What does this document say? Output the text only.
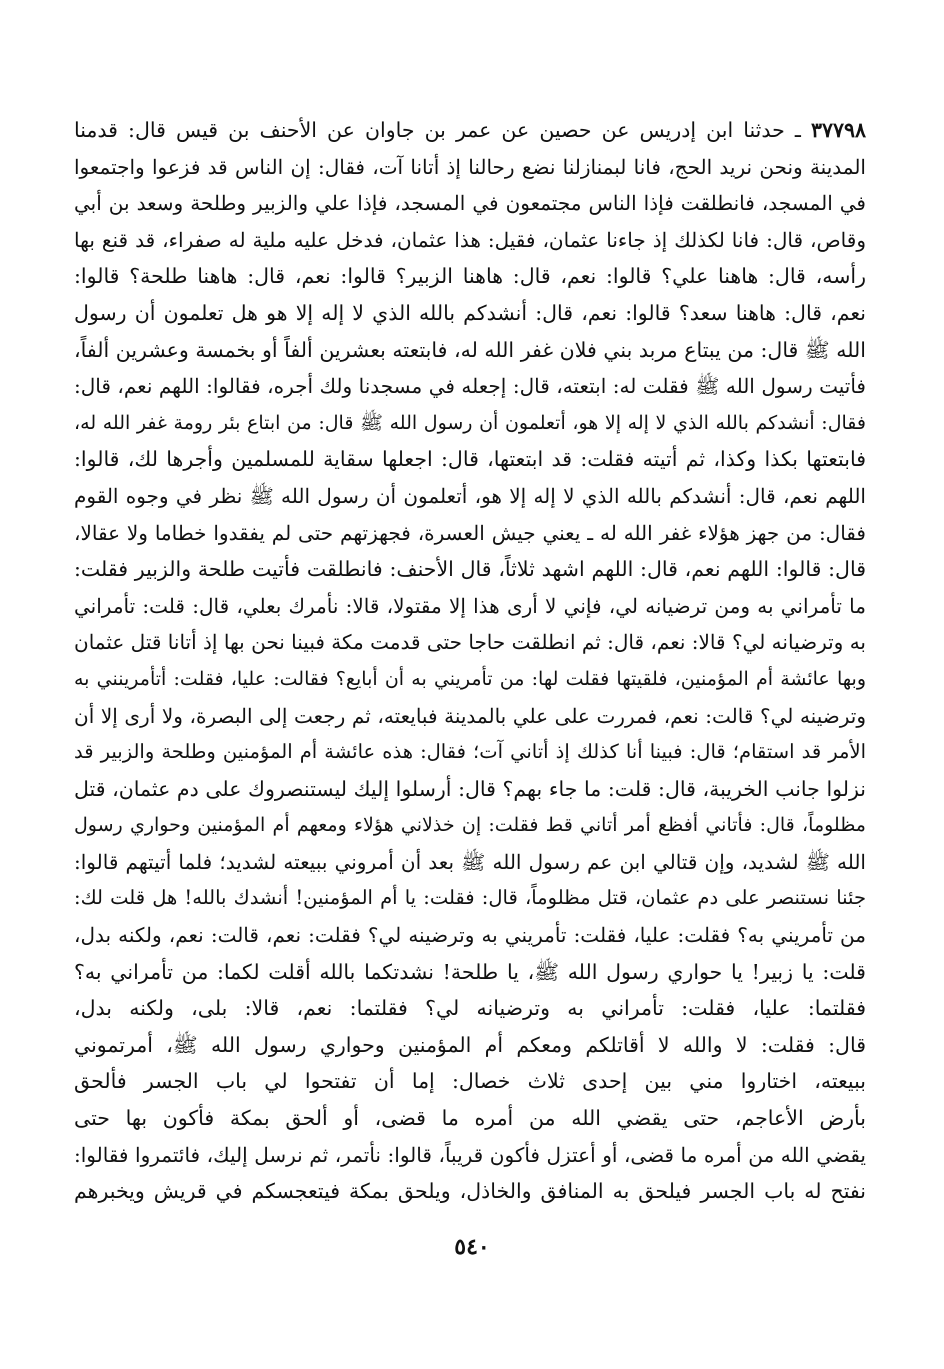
٣٧٧٩٨ ـ حدثنا ابن إدريس عن حصين عن عمر بن جاوان عن الأحنف بن قيس قال: قدمنا
المدينة ونحن نريد الحج، فانا لبمنازلنا نضع رحالنا إذ أتانا آت، فقال: إن الناس قد فزعوا واجتمعوا
في المسجد، فانطلقت فإذا الناس مجتمعون في المسجد، فإذا علي والزبير وطلحة وسعد بن أبي
وقاص، قال: فانا لكذلك إذ جاءنا عثمان، فقيل: هذا عثمان، فدخل عليه ملية له صفراء، قد قنع بها
رأسه، قال: هاهنا علي؟ قالوا: نعم، قال: هاهنا الزبير؟ قالوا: نعم، قال: هاهنا طلحة؟ قالوا:
نعم، قال: هاهنا سعد؟ قالوا: نعم، قال: أنشدكم بالله الذي لا إله إلا هو هل تعلمون أن رسول
الله ﷺ قال: من يبتاع مربد بني فلان غفر الله له، فابتعته بعشرين ألفاً أو بخمسة وعشرين ألفاً،
فأتيت رسول الله ﷺ فقلت له: ابتعته، قال: إجعله في مسجدنا ولك أجره، فقالوا: اللهم نعم، قال:
فقال: أنشدكم بالله الذي لا إله إلا هو، أتعلمون أن رسول الله ﷺ قال: من ابتاع بئر رومة غفر الله له،
فابتعتها بكذا وكذا، ثم أتيته فقلت: قد ابتعتها، قال: اجعلها سقاية للمسلمين وأجرها لك، قالوا:
اللهم نعم، قال: أنشدكم بالله الذي لا إله إلا هو، أتعلمون أن رسول الله ﷺ نظر في وجوه القوم
فقال: من جهز هؤلاء غفر الله له ـ يعني جيش العسرة، فجهزتهم حتى لم يفقدوا خطاما ولا عقالا،
قال: قالوا: اللهم نعم، قال: اللهم اشهد ثلاثاً، قال الأحنف: فانطلقت فأتيت طلحة والزبير فقلت:
ما تأمراني به ومن ترضيانه لي، فإني لا أرى هذا إلا مقتولا، قالا: نأمرك بعلي، قال: قلت: تأمراني
به وترضيانه لي؟ قالا: نعم، قال: ثم انطلقت حاجا حتى قدمت مكة فبينا نحن بها إذ أتانا قتل عثمان
وبها عائشة أم المؤمنين، فلقيتها فقلت لها: من تأمريني به أن أبايع؟ فقالت: عليا، فقلت: أتأمرينني به
وترضينه لي؟ قالت: نعم، فمررت على علي بالمدينة فبايعته، ثم رجعت إلى البصرة، ولا أرى إلا أن
الأمر قد استقام؛ قال: فبينا أنا كذلك إذ أتاني آت؛ فقال: هذه عائشة أم المؤمنين وطلحة والزبير قد
نزلوا جانب الخريبة، قال: قلت: ما جاء بهم؟ قال: أرسلوا إليك ليستنصروك على دم عثمان، قتل
مظلوماً، قال: فأتاني أفظع أمر أتاني قط فقلت: إن خذلاني هؤلاء ومعهم أم المؤمنين وحواري رسول
الله ﷺ لشديد، وإن قتالي ابن عم رسول الله ﷺ بعد أن أمروني ببيعته لشديد؛ فلما أتيتهم قالوا:
جئنا نستنصر على دم عثمان، قتل مظلوماً، قال: فقلت: يا أم المؤمنين! أنشدك بالله! هل قلت لك:
من تأمريني به؟ فقلت: عليا، فقلت: تأمريني به وترضينه لي؟ فقلت: نعم، قالت: نعم، ولكنه بدل،
قلت: يا زبير! يا حواري رسول الله ﷺ، يا طلحة! نشدتكما بالله أقلت لكما: من تأمراني به؟
فقلتما: عليا، فقلت: تأمراني به وترضيانه لي؟ فقلتما: نعم، قالا: بلى، ولكنه بدل،
قال: فقلت: لا والله لا أقاتلكم ومعكم أم المؤمنين وحواري رسول الله ﷺ، أمرتموني
ببيعته، اختاروا مني بين إحدى ثلاث خصال: إما أن تفتحوا لي باب الجسر فألحق
بأرض الأعاجم، حتى يقضي الله من أمره ما قضى، أو ألحق بمكة فأكون بها حتى
يقضي الله من أمره ما قضى، أو أعتزل فأكون قريباً، قالوا: نأتمر، ثم نرسل إليك، فائتمروا فقالوا:
نفتح له باب الجسر فيلحق به المنافق والخاذل، ويلحق بمكة فيتعجسكم في قريش ويخبرهم
٥٤٠
